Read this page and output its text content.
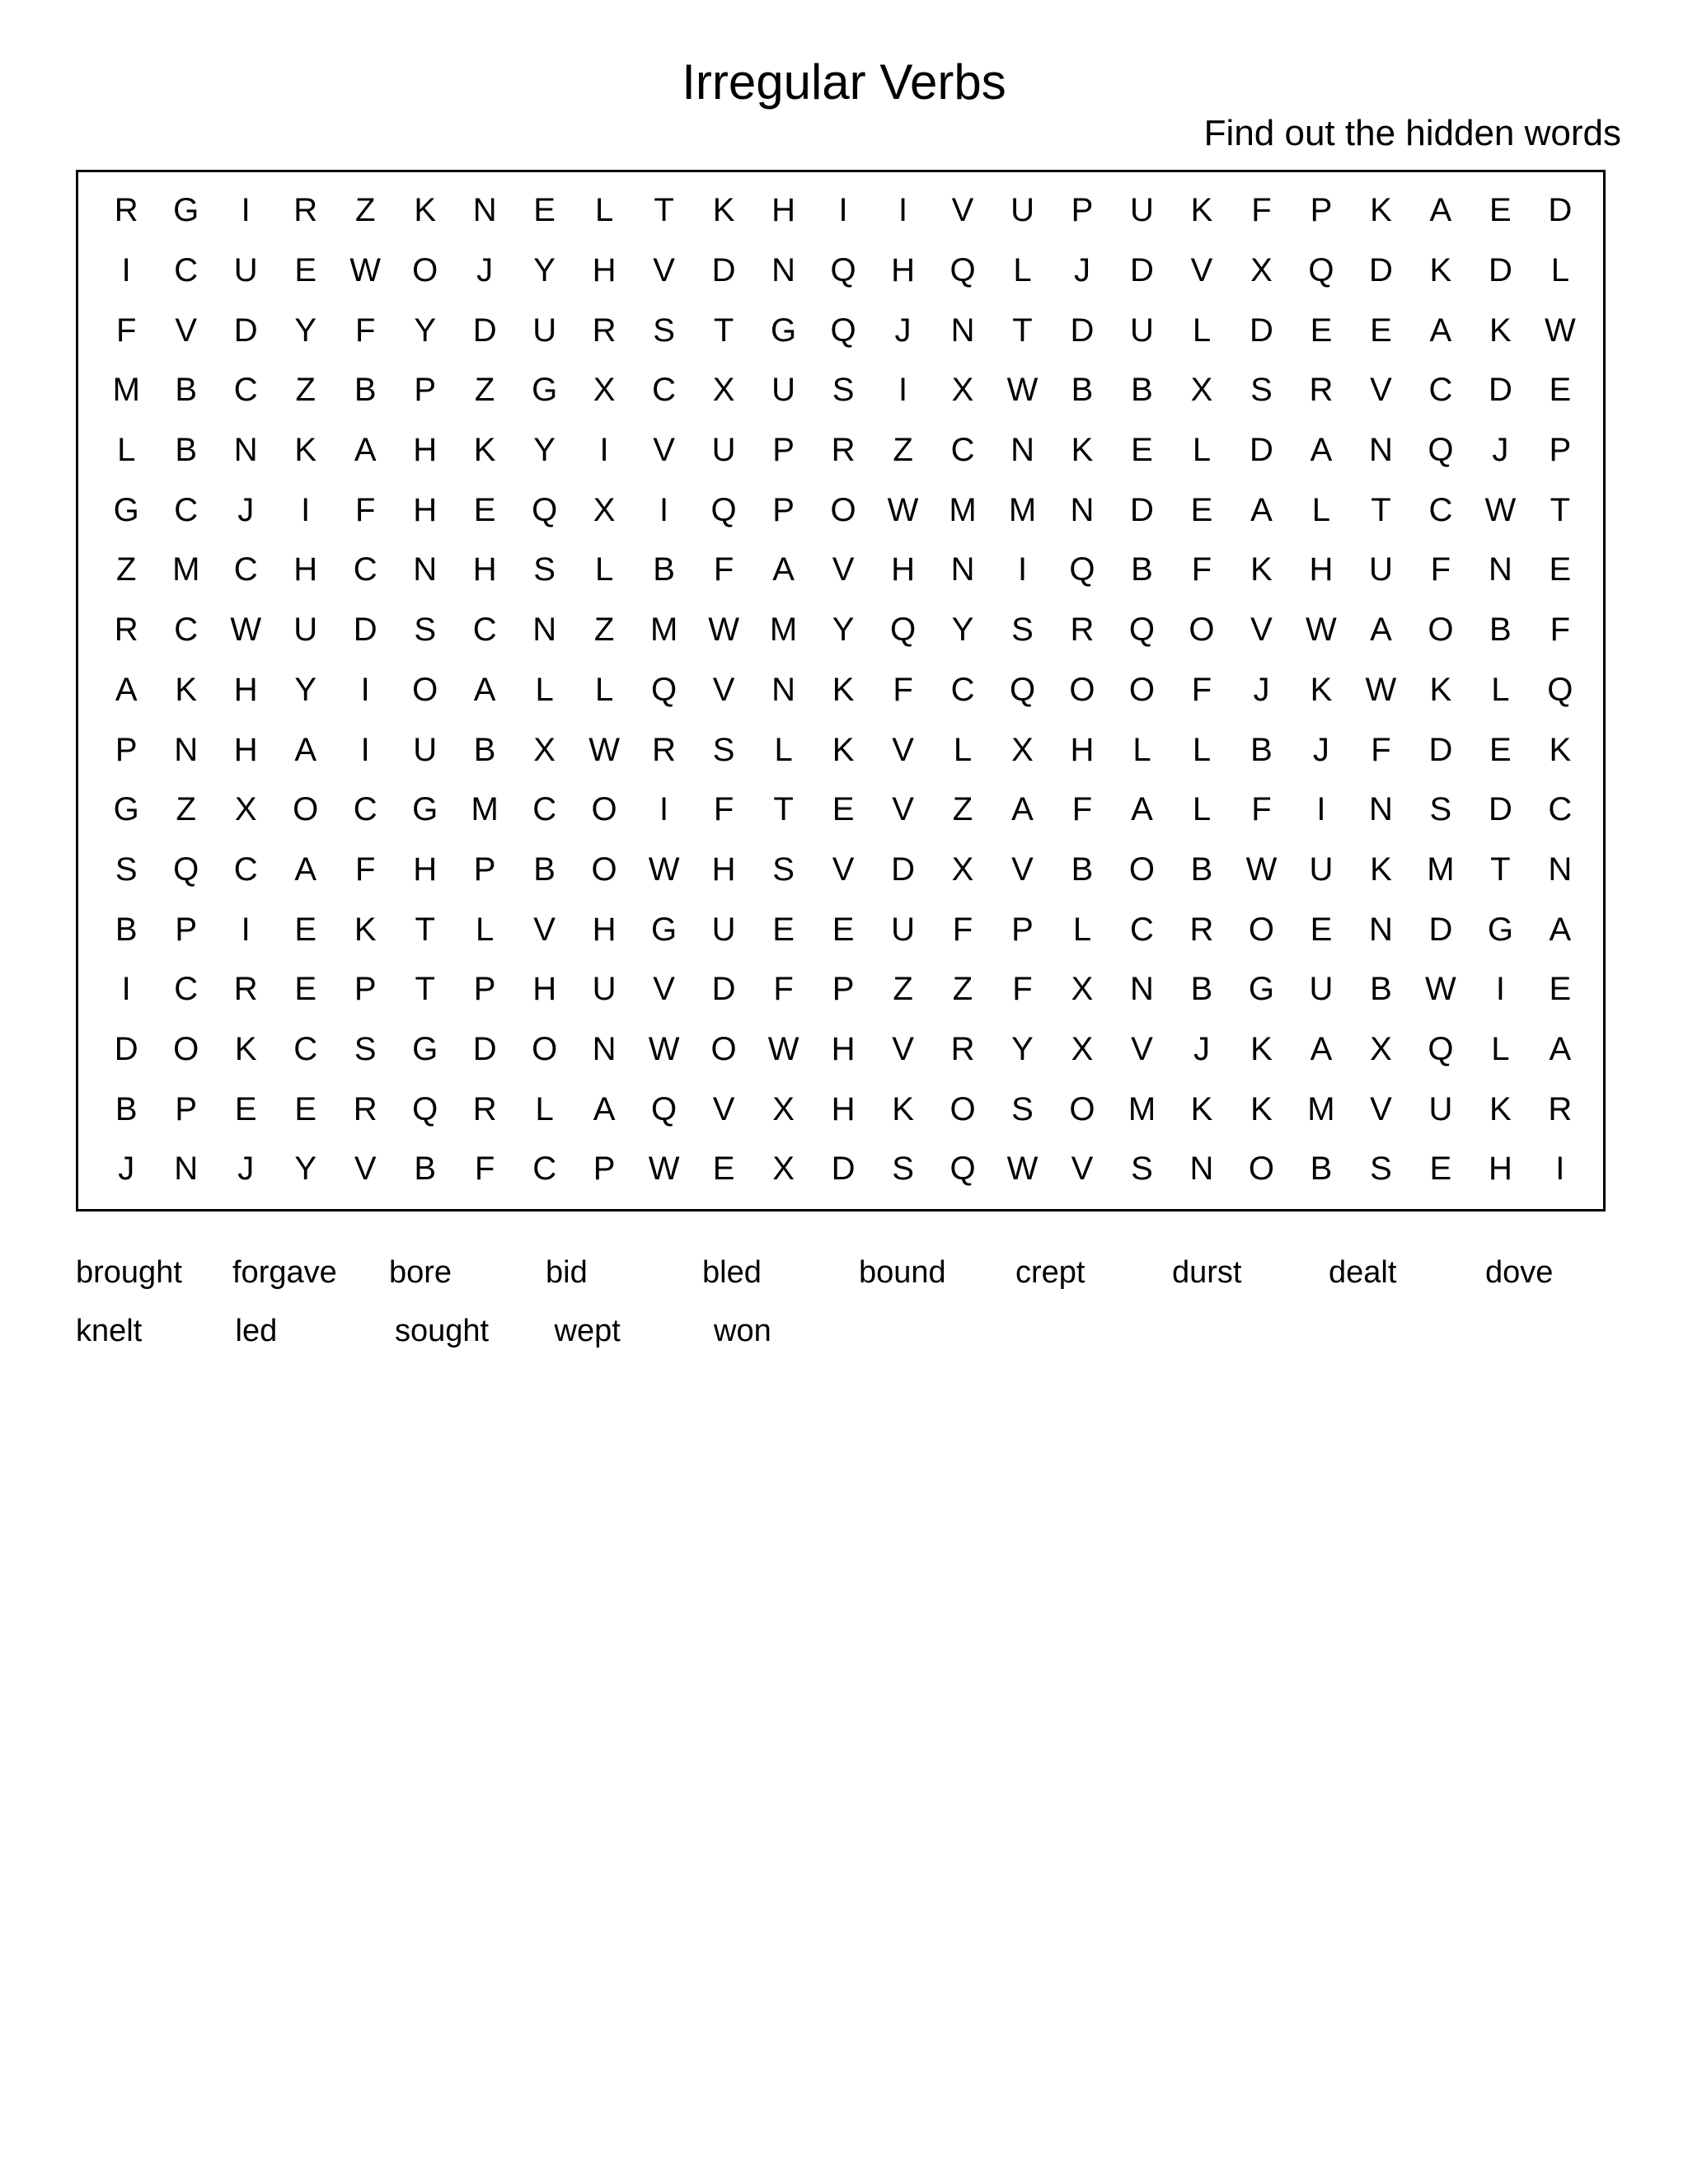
Irregular Verbs
Find out the hidden words
R	G	I	R	Z	K	N	E	L	T	K	H	I	I	V	U	P	U	K	F	P	K	A	E	D
I	C	U	E	W O	J	Y	H	V	D	N	Q	H	Q	L	J	D	V	X	Q	D	K	D	L
F	V	D	Y	F	Y	D	U	R	S	T	G	Q	J	N	T	D	U	L	D	E	E	A	K	W
M	B	C	Z	B	P	Z	G	X	C	X	U	S	I	X	W	B	B	X	S	R	V	C	D	E
L	B	N	K	A	H	K	Y	I	V	U	P	R	Z	C	N	K	E	L	D	A	N	Q	J	P
G	C	J	I	F	H	E	Q	X	I	Q	P	O W M M	N	D	E	A	L	T	C W	T
Z	M	C	H	C	N	H	S	L	B	F	A	V	H	N	I	Q	B	F	K	H	U	F	N	E
R	C W U	D	S	C	N	Z	M W M	Y	Q	Y	S	R	Q	O	V	W	A	O	B	F
A	K	H	Y	I	O	A	L	L	Q	V	N	K	F	C	Q	O	O	F	J	K	W	K	L	Q
P	N	H	A	I	U	B	X	W R	S	L	K	V	L	X	H	L	L	B	J	F	D	E	K
G	Z	X	O	C	G	M	C	O	I	F	T	E	V	Z	A	F	A	L	F	I	N	S	D	C
S	Q	C	A	F	H	P	B	O W H	S	V	D	X	V	B	O	B	W U	K	M	T	N
B	P	I	E	K	T	L	V	H	G	U	E	E	U	F	P	L	C	R	O	E	N	D	G	A
I	C	R	E	P	T	P	H	U	V	D	F	P	Z	Z	F	X	N	B	G	U	B	W	I	E
D	O	K	C	S	G	D	O	N W O W H	V	R	Y	X	V	J	K	A	X	Q	L	A
B	P	E	E	R	Q	R	L	A	Q	V	X	H	K	O	S	O	M	K	K	M	V	U	K	R
J	N	J	Y	V	B	F	C	P	W	E	X	D	S	Q W	V	S	N	O	B	S	E	H	I
brought	forgave	bore	bid	bled	bound	crept	durst	dealt	dove
knelt	led	sought	wept	won
